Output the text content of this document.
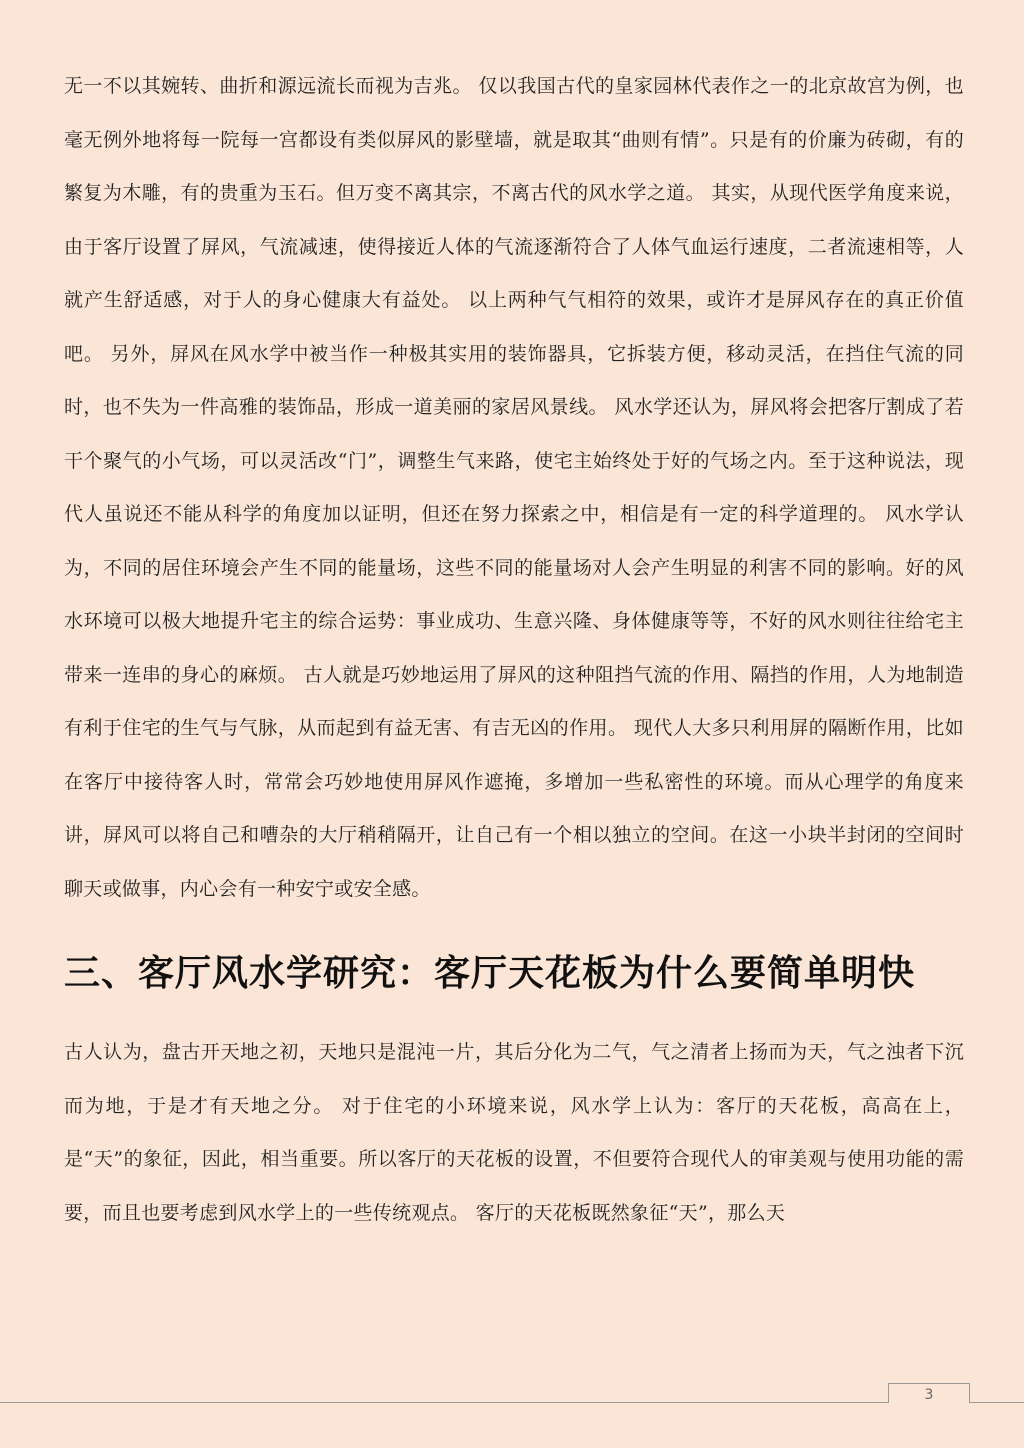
无一不以其婉转、曲折和源远流长而视为吉兆。 仅以我国古代的皇家园林代表作之一的北京故宫为例，也毫无例外地将每一院每一宫都设有类似屏风的影壁墙，就是取其“曲则有情”。只是有的价廉为砖砌，有的繁复为木雕，有的贵重为玉石。但万变不离其宗，不离古代的风水学之道。 其实，从现代医学角度来说，由于客厅设置了屏风，气流减速，使得接近人体的气流逐渐符合了人体气血运行速度，二者流速相等，人就产生舒适感，对于人的身心健康大有益处。 以上两种气气相符的效果，或许才是屏风存在的真正价值吧。 另外，屏风在风水学中被当作一种极其实用的装饰器具，它拆装方便，移动灵活，在挡住气流的同时，也不失为一件高雅的装饰品，形成一道美丽的家居风景线。 风水学还认为，屏风将会把客厅割成了若干个聚气的小气场，可以灵活改“门”，调整生气来路，使宅主始终处于好的气场之内。至于这种说法，现代人虽说还不能从科学的角度加以证明，但还在努力探索之中，相信是有一定的科学道理的。 风水学认为，不同的居住环境会产生不同的能量场，这些不同的能量场对人会产生明显的利害不同的影响。好的风水环境可以极大地提升宅主的综合运势：事业成功、生意兴隆、身体健康等等，不好的风水则往往给宅主带来一连串的身心的麻烦。 古人就是巧妙地运用了屏风的这种阻挡气流的作用、隔挡的作用，人为地制造有利于住宅的生气与气脉，从而起到有益无害、有吉无凶的作用。 现代人大多只利用屏的隔断作用，比如在客厅中接待客人时，常常会巧妙地使用屏风作遮掩，多增加一些私密性的环境。而从心理学的角度来讲，屏风可以将自己和嘈杂的大厅稍稍隔开，让自己有一个相以独立的空间。在这一小块半封闭的空间时聊天或做事，内心会有一种安宁或安全感。

三、客厅风水学研究：客厅天花板为什么要简单明快

古人认为，盘古开天地之初，天地只是混沌一片，其后分化为二气，气之清者上扬而为天，气之浊者下沉而为地，于是才有天地之分。 对于住宅的小环境来说，风水学上认为：客厅的天花板，高高在上，是“天”的象征，因此，相当重要。所以客厅的天花板的设置，不但要符合现代人的审美观与使用功能的需要，而且也要考虑到风水学上的一些传统观点。 客厅的天花板既然象征“天”，那么天

3
